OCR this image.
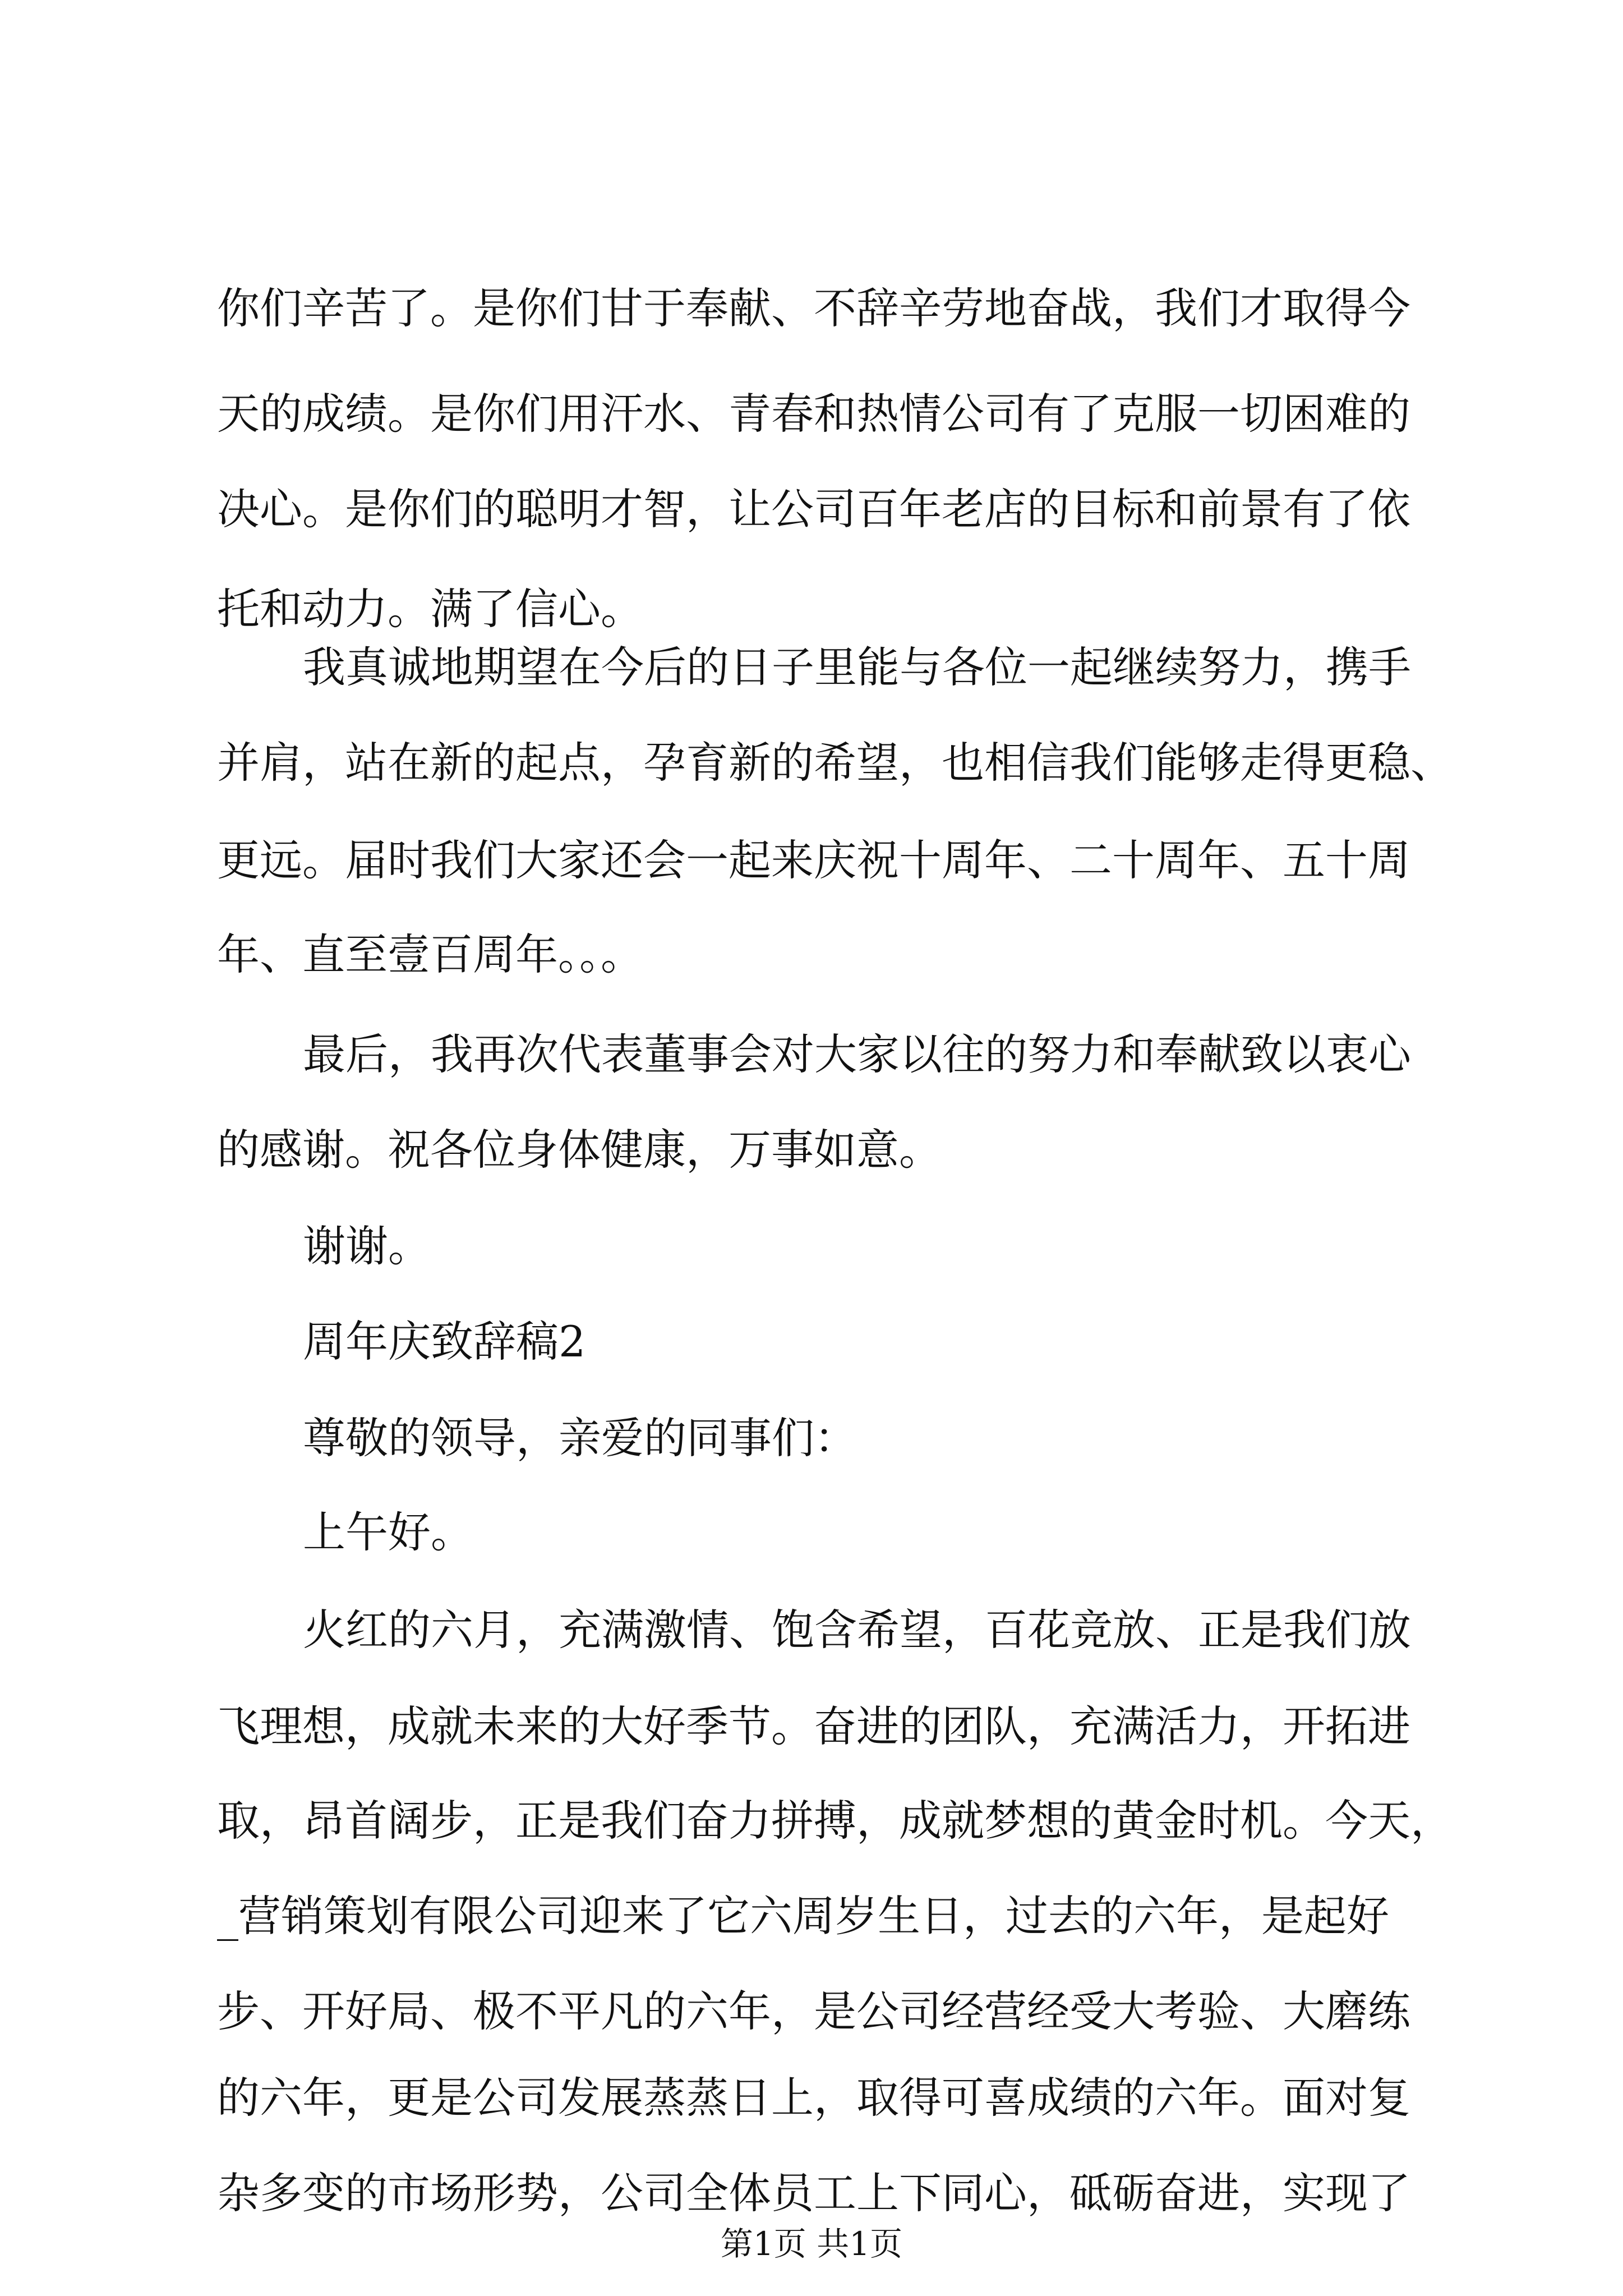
你们辛苦了。是你们甘于奉献、不辞辛劳地奋战，我们才取得今
天的成绩。是你们用汗水、青春和热情公司有了克服一切困难的
决心。是你们的聪明才智，让公司百年老店的目标和前景有了依
托和动力。满了信心。
我真诚地期望在今后的日子里能与各位一起继续努力，携手
并肩，站在新的起点，孕育新的希望，也相信我们能够走得更稳、
更远。届时我们大家还会一起来庆祝十周年、二十周年、五十周
年、直至壹百周年。。。
最后，我再次代表董事会对大家以往的努力和奉献致以衷心
的感谢。祝各位身体健康，万事如意。
谢谢。
周年庆致辞稿2
尊敬的领导，亲爱的同事们：
上午好。
火红的六月，充满激情、饱含希望，百花竞放、正是我们放
飞理想，成就未来的大好季节。奋进的团队，充满活力，开拓进
取，昂首阔步，正是我们奋力拼搏，成就梦想的黄金时机。今天，
_营销策划有限公司迎来了它六周岁生日，过去的六年，是起好
步、开好局、极不平凡的六年，是公司经营经受大考验、大磨练
的六年，更是公司发展蒸蒸日上，取得可喜成绩的六年。面对复
杂多变的市场形势，公司全体员工上下同心，砥砺奋进，实现了
第1页 共1页
